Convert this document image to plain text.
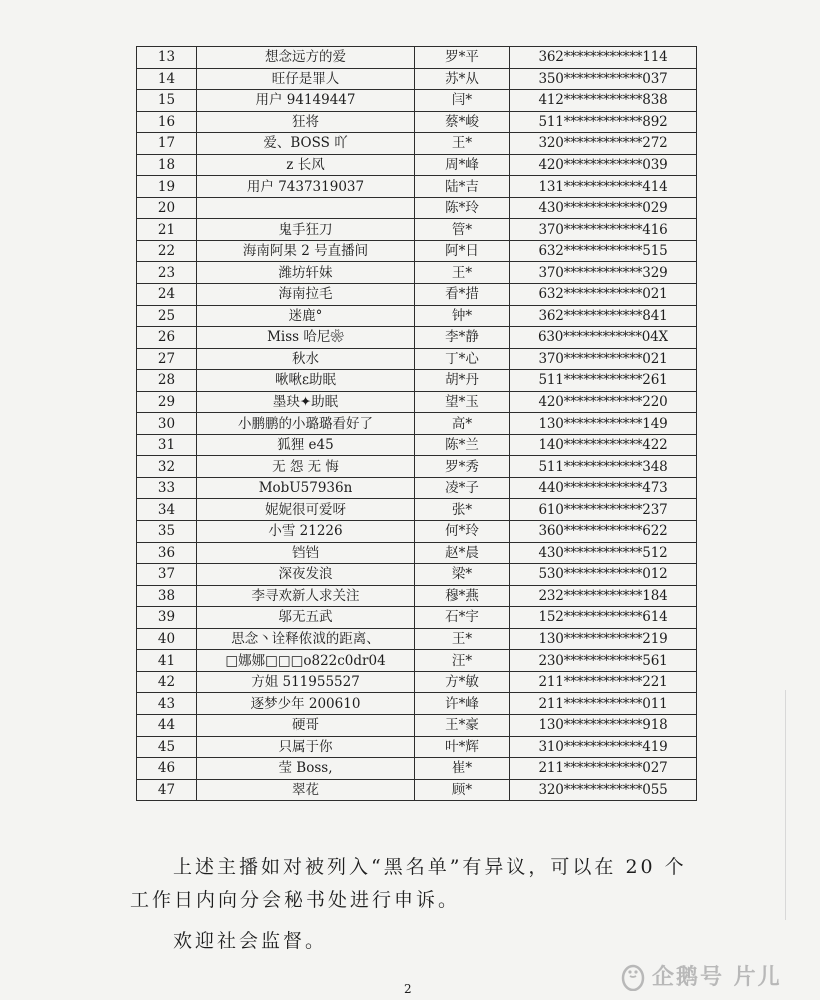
13	想念远方的爱	罗*平	362************114
14	旺仔是罪人	苏*从	350************037
15	用户 94149447	闫*	412************838
16	狂将	蔡*峻	511************892
17	爱、BOSS 吖	王*	320************272
18	z 长风	周*峰	420************039
19	用户 7437319037	陆*吉	131************414
20		陈*玲	430************029
21	鬼手狂刀	管*	370************416
22	海南阿果 2 号直播间	阿*日	632************515
23	潍坊轩妹	王*	370************329
24	海南拉毛	看*措	632************021
25	迷鹿°	钟*	362************841
26	Miss 哈尼❀	李*静	630************04X
27	秋水	丁*心	370************021
28	啾啾ε助眠	胡*丹	511************261
29	墨玦✦助眠	望*玉	420************220
30	小鹏鹏的小璐璐看好了	高*	130************149
31	狐狸 e45	陈*兰	140************422
32	无 怨 无 悔	罗*秀	511************348
33	MobU57936n	凌*子	440************473
34	妮妮很可爱呀	张*	610************237
35	小雪 21226	何*玲	360************622
36	铛铛	赵*晨	430************512
37	深夜发浪	梁*	530************012
38	李寻欢新人求关注	穆*燕	232************184
39	邬无五武	石*宇	152************614
40	思念丶诠释侬泧的距离、	王*	130************219
41	□娜娜□□□o822c0dr04	汪*	230************561
42	方姐 511955527	方*敏	211************221
43	逐梦少年 200610	许*峰	211************011
44	硬哥	王*豪	130************918
45	只属于你	叶*辉	310************419
46	莹 Boss,	崔*	211************027
47	翠花	顾*	320************055
上述主播如对被列入“黑名单”有异议，可以在 20 个
工作日内向分会秘书处进行申诉。
欢迎社会监督。
2	企鹅号 片儿
